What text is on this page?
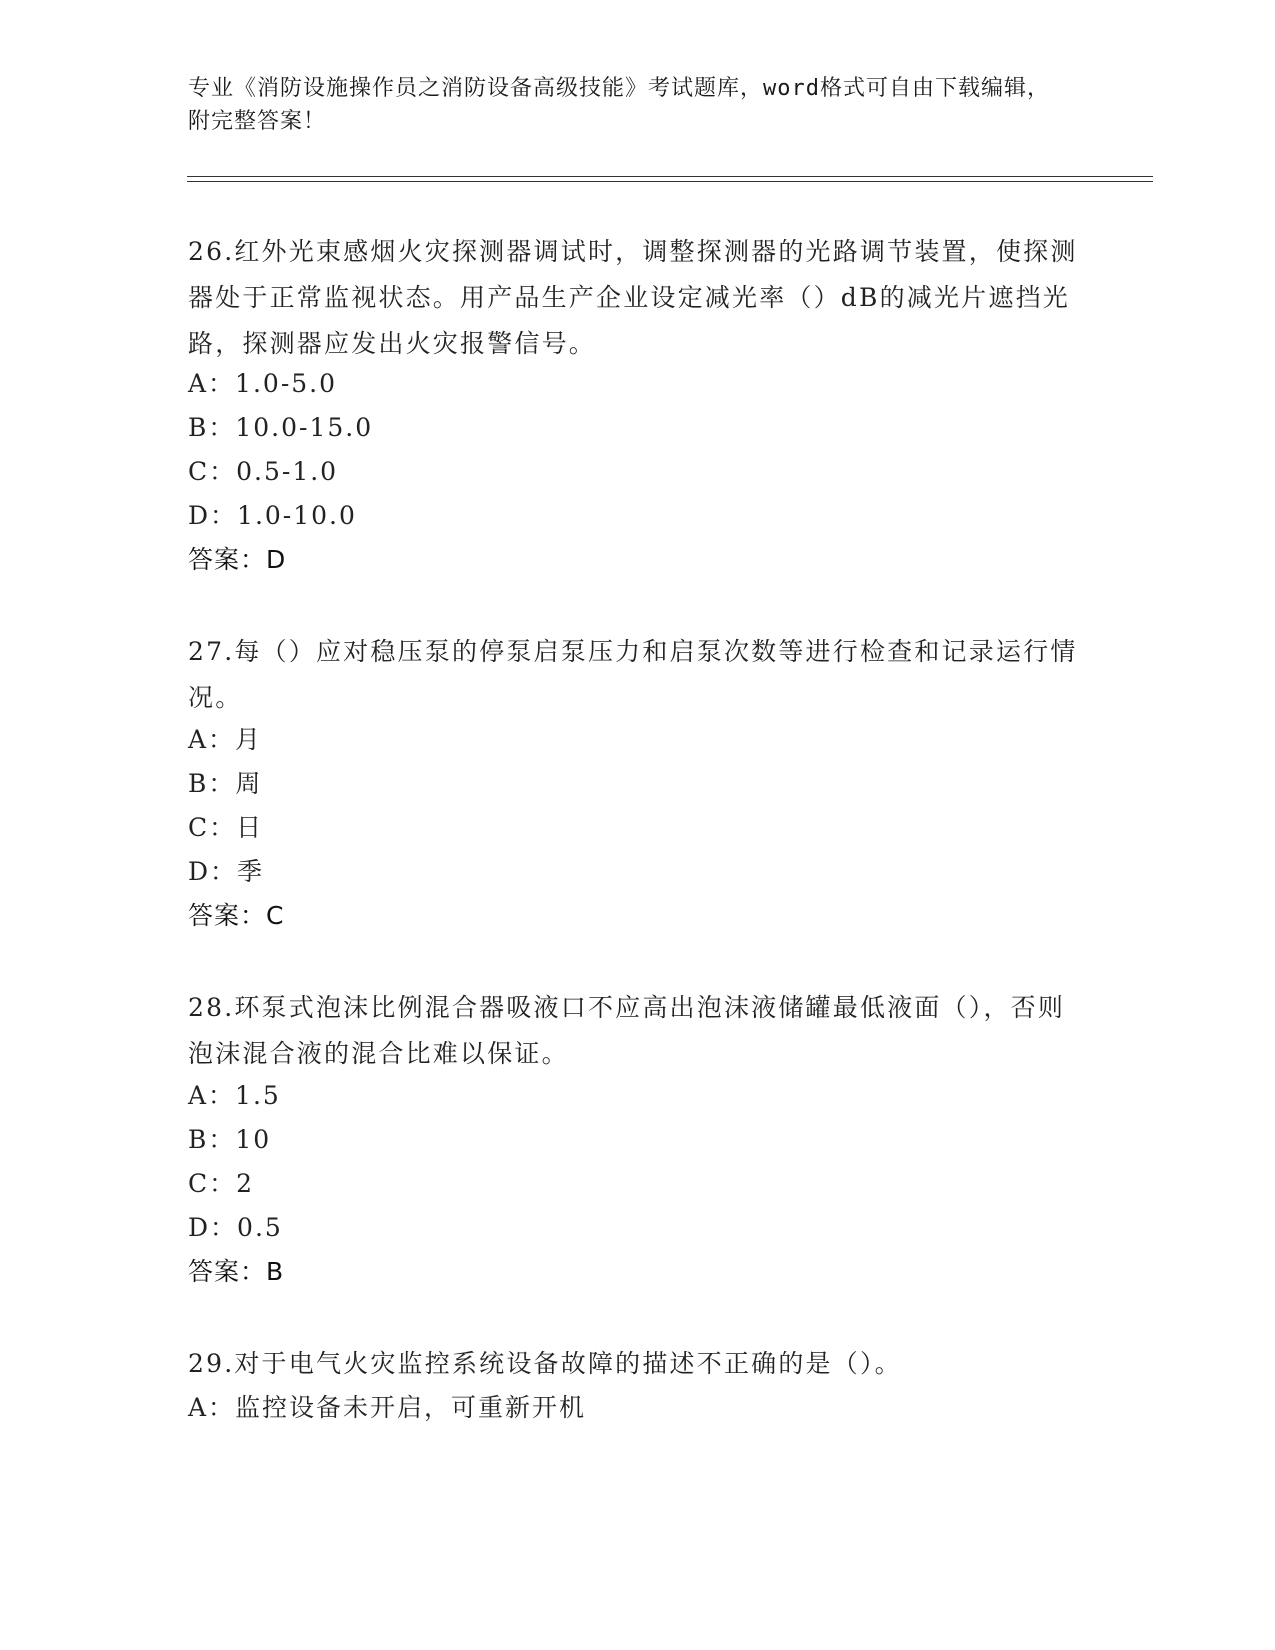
专业《消防设施操作员之消防设备高级技能》考试题库，word格式可自由下载编辑，附完整答案！
26.红外光束感烟火灾探测器调试时，调整探测器的光路调节装置，使探测器处于正常监视状态。用产品生产企业设定减光率（）dB的减光片遮挡光路，探测器应发出火灾报警信号。
A：1.0-5.0
B：10.0-15.0
C：0.5-1.0
D：1.0-10.0
答案：D
27.每（）应对稳压泵的停泵启泵压力和启泵次数等进行检查和记录运行情况。
A：月
B：周
C：日
D：季
答案：C
28.环泵式泡沫比例混合器吸液口不应高出泡沫液储罐最低液面（），否则泡沫混合液的混合比难以保证。
A：1.5
B：10
C：2
D：0.5
答案：B
29.对于电气火灾监控系统设备故障的描述不正确的是（）。
A：监控设备未开启，可重新开机
